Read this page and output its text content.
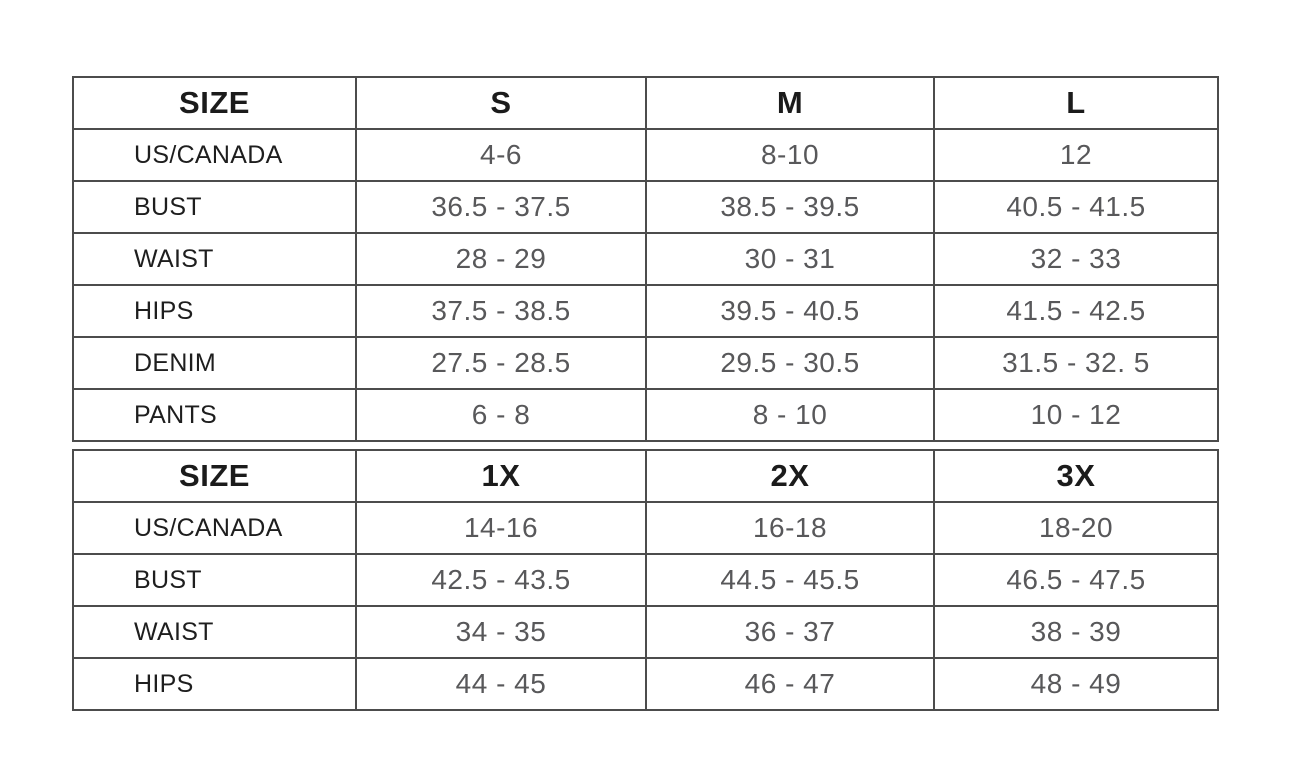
SIZE	S	M	L
US/CANADA	4-6	8-10	12
BUST	36.5 - 37.5	38.5 - 39.5	40.5 - 41.5
WAIST	28 - 29	30 - 31	32 - 33
HIPS	37.5 - 38.5	39.5 - 40.5	41.5 - 42.5
DENIM	27.5 - 28.5	29.5 - 30.5	31.5 - 32. 5
PANTS	6 - 8	8 - 10	10 - 12
SIZE	1X	2X	3X
US/CANADA	14-16	16-18	18-20
BUST	42.5 - 43.5	44.5 - 45.5	46.5 - 47.5
WAIST	34 - 35	36 - 37	38 - 39
HIPS	44 - 45	46 - 47	48 - 49
